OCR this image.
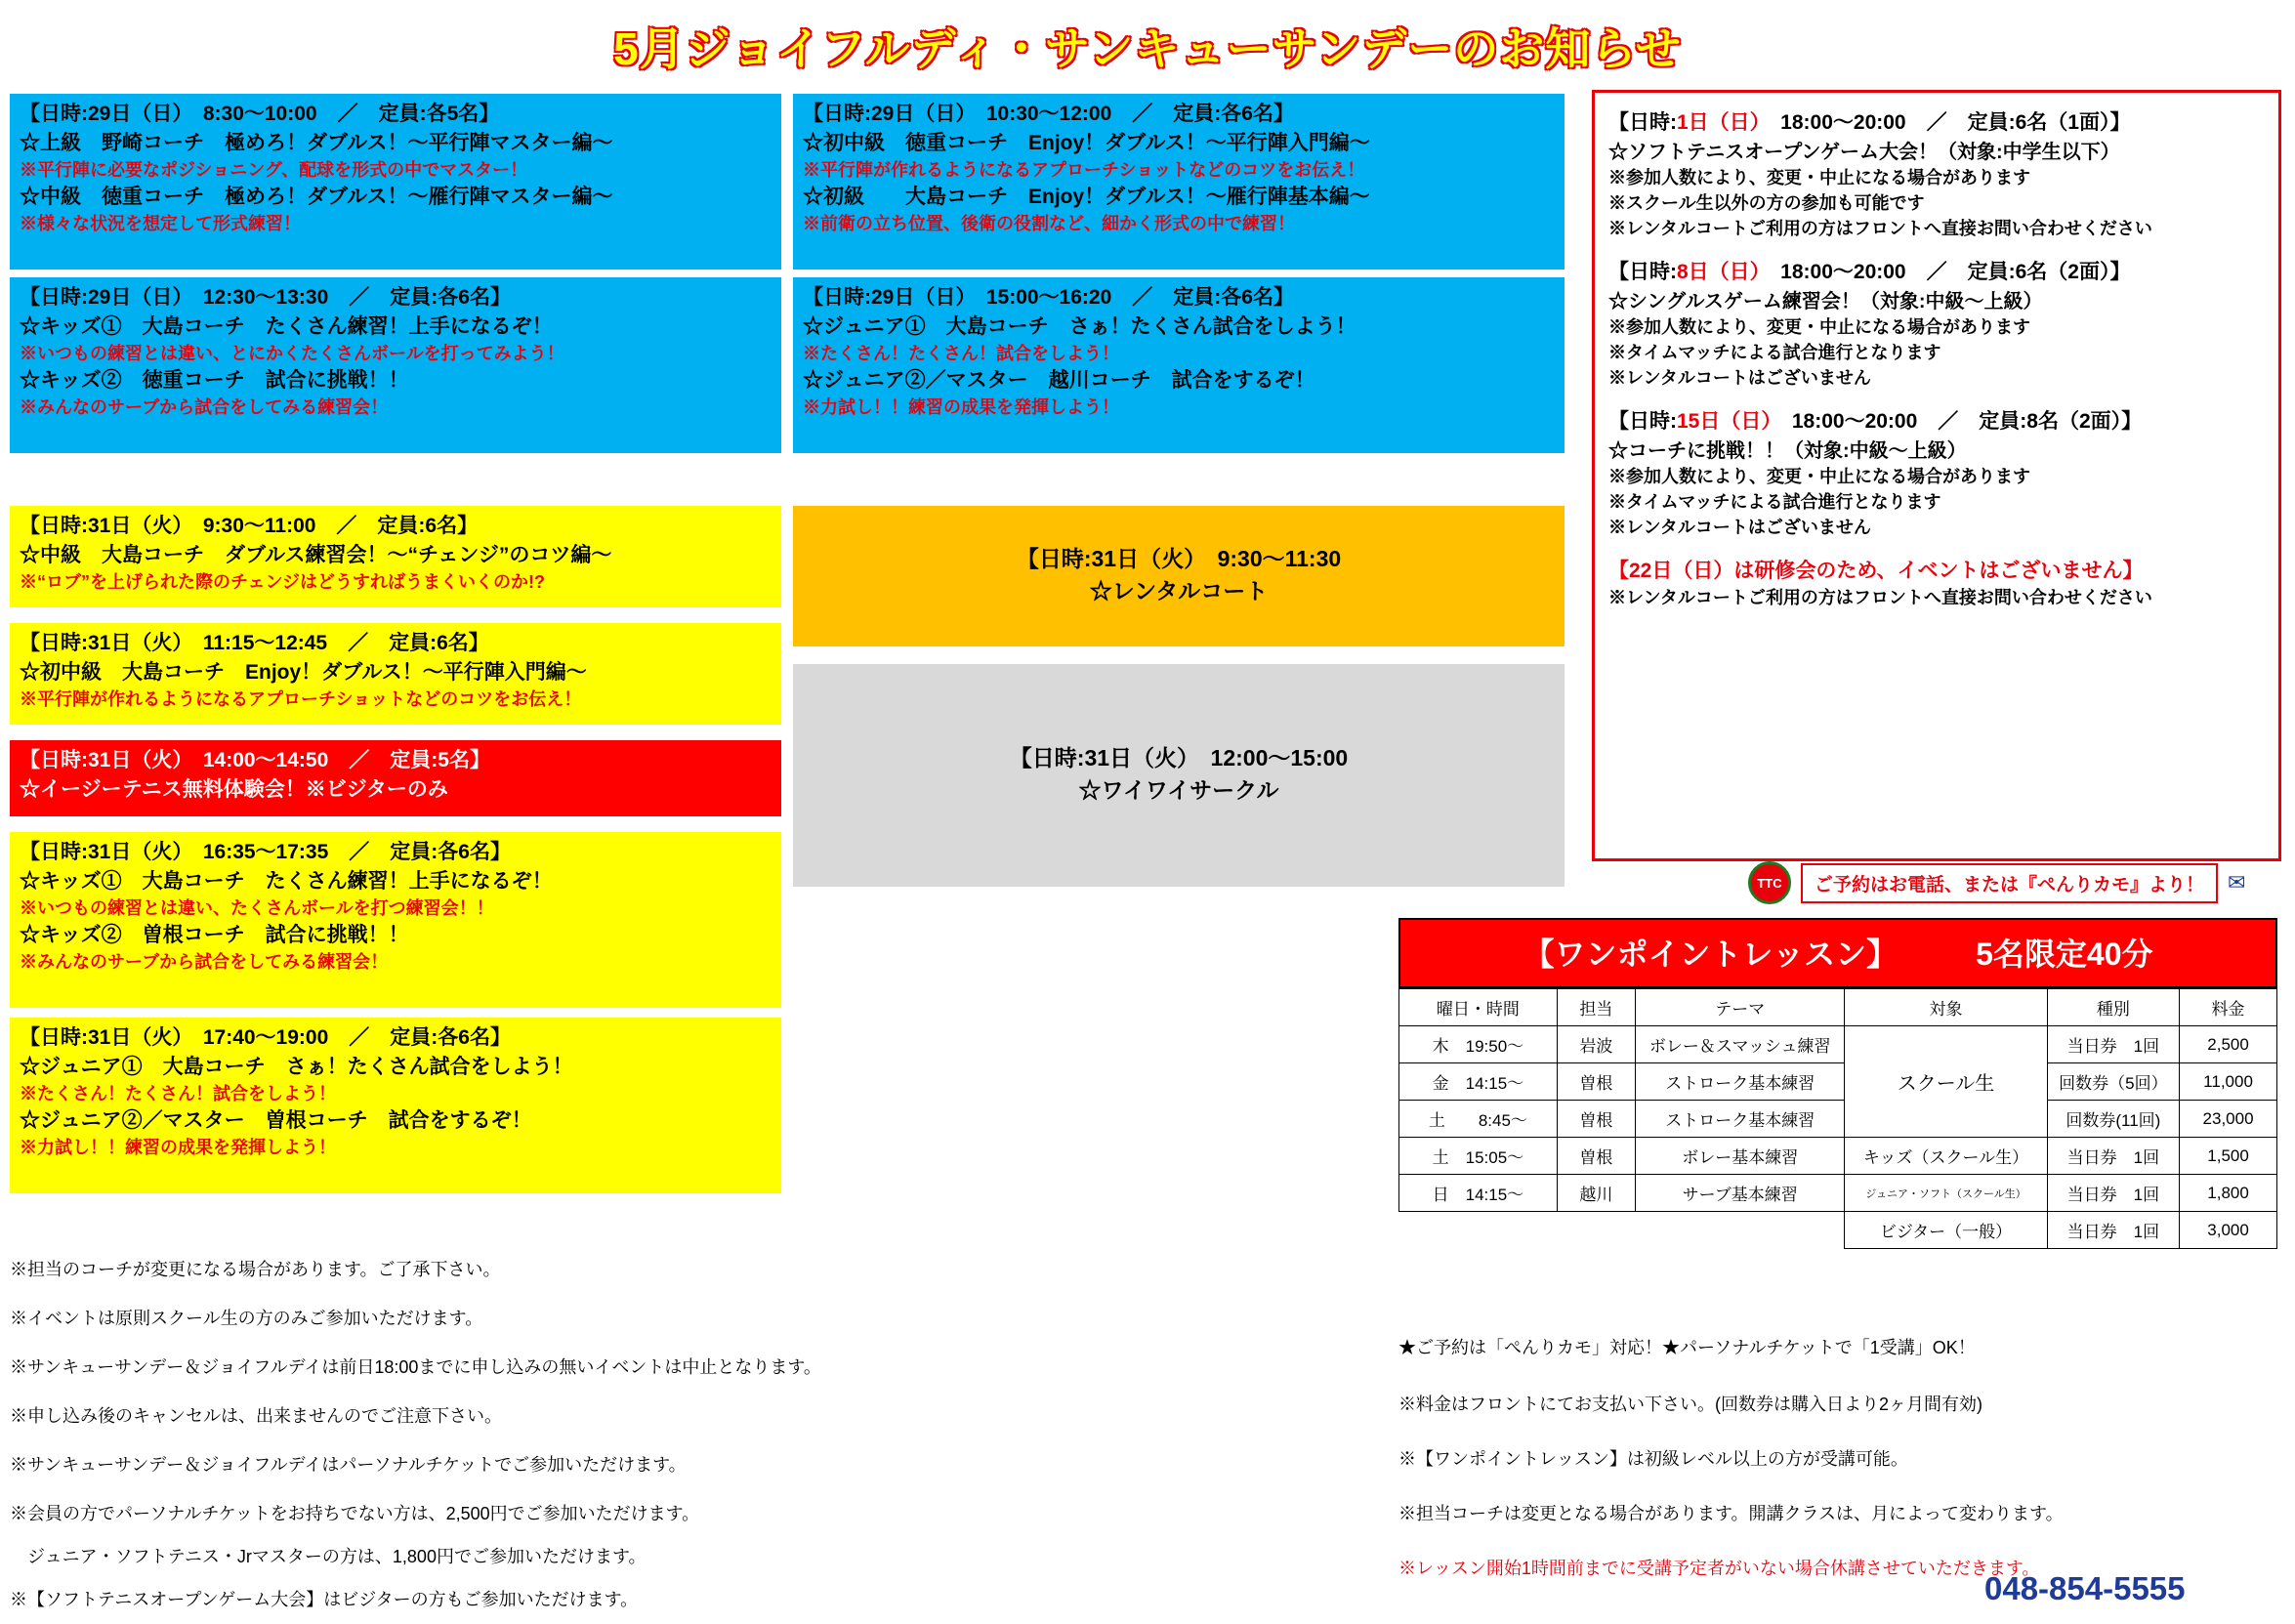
5月ジョイフルディ・サンキューサンデーのお知らせ
【日時:29日（日）　8:30〜10:00　／　定員:各5名】
☆上級　野崎コーチ　極めろ！ダブルス！〜平行陣マスター編〜
※平行陣に必要なポジショニング、配球を形式の中でマスター！
☆中級　徳重コーチ　極めろ！ダブルス！〜雁行陣マスター編〜
※様々な状況を想定して形式練習！
【日時:29日（日）　12:30〜13:30　／　定員:各6名】
☆キッズ①　大島コーチ　たくさん練習！上手になるぞ！
※いつもの練習とは違い、とにかくたくさんボールを打ってみよう！
☆キッズ②　徳重コーチ　試合に挑戦！！
※みんなのサーブから試合をしてみる練習会！
【日時:31日（火）　9:30〜11:00　／　定員:6名】
☆中級　大島コーチ　ダブルス練習会！〜“チェンジ”のコツ編〜
※“ロブ”を上げられた際のチェンジはどうすればうまくいくのか!?
【日時:31日（火）　11:15〜12:45　／　定員:6名】
☆初中級　大島コーチ　Enjoy！ダブルス！〜平行陣入門編〜
※平行陣が作れるようになるアプローチショットなどのコツをお伝え！
【日時:31日（火）　14:00〜14:50　／　定員:5名】
☆イージーテニス無料体験会！※ビジターのみ
【日時:31日（火）　16:35〜17:35　／　定員:各6名】
☆キッズ①　大島コーチ　たくさん練習！上手になるぞ！
※いつもの練習とは違い、たくさんボールを打つ練習会！！
☆キッズ②　曽根コーチ　試合に挑戦！！
※みんなのサーブから試合をしてみる練習会！
【日時:31日（火）　17:40〜19:00　／　定員:各6名】
☆ジュニア①　大島コーチ　さぁ！たくさん試合をしよう！
※たくさん！たくさん！試合をしよう！
☆ジュニア②／マスター　曽根コーチ　試合をするぞ！
※力試し！！練習の成果を発揮しよう！
【日時:29日（日）　10:30〜12:00　／　定員:各6名】
☆初中級　徳重コーチ　Enjoy！ダブルス！〜平行陣入門編〜
※平行陣が作れるようになるアプローチショットなどのコツをお伝え！
☆初級　　大島コーチ　Enjoy！ダブルス！〜雁行陣基本編〜
※前衛の立ち位置、後衛の役割など、細かく形式の中で練習！
【日時:29日（日）　15:00〜16:20　／　定員:各6名】
☆ジュニア①　大島コーチ　さぁ！たくさん試合をしよう！
※たくさん！たくさん！試合をしよう！
☆ジュニア②／マスター　越川コーチ　試合をするぞ！
※力試し！！練習の成果を発揮しよう！
【日時:31日（火）　9:30〜11:30
☆レンタルコート
【日時:31日（火）　12:00〜15:00
☆ワイワイサークル
【日時:1日（日）　18:00〜20:00　／　定員:6名（1面）】
☆ソフトテニスオープンゲーム大会！（対象:中学生以下）
※参加人数により、変更・中止になる場合があります
※スクール生以外の方の参加も可能です
※レンタルコートご利用の方はフロントへ直接お問い合わせください
【日時:8日（日）　18:00〜20:00　／　定員:6名（2面）】
☆シングルスゲーム練習会！（対象:中級〜上級）
※参加人数により、変更・中止になる場合があります
※タイムマッチによる試合進行となります
※レンタルコートはございません
【日時:15日（日）　18:00〜20:00　／　定員:8名（2面）】
☆コーチに挑戦！！（対象:中級〜上級）
※参加人数により、変更・中止になる場合があります
※タイムマッチによる試合進行となります
※レンタルコートはございません
【22日（日）は研修会のため、イベントはございません】
※レンタルコートご利用の方はフロントへ直接お問い合わせください
TTC	ご予約はお電話、または『ぺんりカモ』より！	✉
【ワンポイントレッスン】　　　5名限定40分
曜日・時間	担当	テーマ	対象	種別	料金
木　19:50〜	岩波	ボレー＆スマッシュ練習	スクール生	当日券　1回	2,500
金　14:15〜	曽根	ストローク基本練習		回数券（5回）	11,000
土　　8:45〜	曽根	ストローク基本練習		回数券(11回)	23,000
土　15:05〜	曽根	ボレー基本練習	キッズ（スクール生）	当日券　1回	1,500
日　14:15〜	越川	サーブ基本練習	ジュニア・ソフト（スクール生）	当日券　1回	1,800
			ビジター（一般）	当日券　1回	3,000
※担当のコーチが変更になる場合があります。ご了承下さい。
※イベントは原則スクール生の方のみご参加いただけます。
※サンキューサンデー＆ジョイフルデイは前日18:00までに申し込みの無いイベントは中止となります。
※申し込み後のキャンセルは、出来ませんのでご注意下さい。
※サンキューサンデー＆ジョイフルデイはパーソナルチケットでご参加いただけます。
※会員の方でパーソナルチケットをお持ちでない方は、2,500円でご参加いただけます。
　ジュニア・ソフトテニス・Jrマスターの方は、1,800円でご参加いただけます。
※【ソフトテニスオープンゲーム大会】はビジターの方もご参加いただけます。
★ご予約は「ぺんりカモ」対応！★パーソナルチケットで「1受講」OK！
※料金はフロントにてお支払い下さい。(回数券は購入日より2ヶ月間有効)
※【ワンポイントレッスン】は初級レベル以上の方が受講可能。
※担当コーチは変更となる場合があります。開講クラスは、月によって変わります。
※レッスン開始1時間前までに受講予定者がいない場合休講させていただきます。
048-854-5555
